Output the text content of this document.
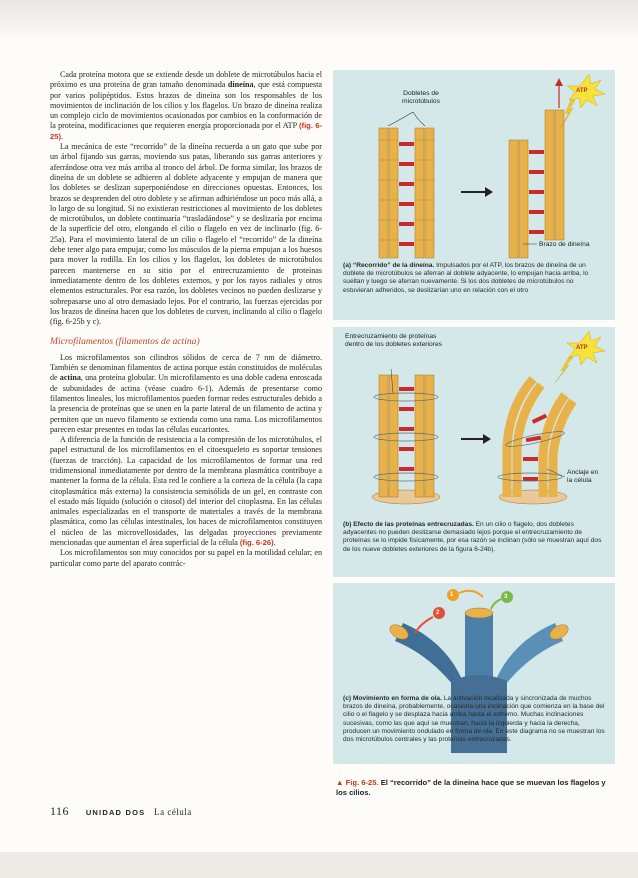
Cada proteína motora que se extiende desde un doblete de microtúbulos hacia el próximo es una proteína de gran tamaño denominada dineína, que está compuesta por varios polipéptidos. Estos brazos de dineína son los responsables de los movimientos de inclinación de los cilios y los flagelos. Un brazo de dineína realiza un complejo ciclo de movimientos ocasionados por cambios en la conformación de la proteína, modificaciones que requieren energía proporcionada por el ATP (fig. 6-25).

La mecánica de este “recorrido” de la dineína recuerda a un gato que sube por un árbol fijando sus garras, moviendo sus patas, liberando sus garras anteriores y aferrándose otra vez más arriba al tronco del árbol. De forma similar, los brazos de dineína de un doblete se adhieren al doblete adyacente y empujan de manera que los dobletes se deslizan superponiéndose en direcciones opuestas. Entonces, los brazos se desprenden del otro doblete y se afirman adhiriéndose un poco más allá, a lo largo de su longitud. Si no existieran restricciones al movimiento de los dobletes de microtúbulos, un doblete continuaría “trasladándose” y se deslizaría por encima de la superficie del otro, elongando el cilio o flagelo en vez de inclinarlo (fig. 6-25a). Para el movimiento lateral de un cilio o flagelo el “recorrido” de la dineína debe tener algo para empujar, como los músculos de la pierna empujan a los huesos para mover la rodilla. En los cilios y los flagelos, los dobletes de microtúbulos parecen mantenerse en su sitio por el entrecruzamiento de proteínas inmediatamente dentro de los dobletes externos, y por los rayos radiales y otros elementos estructurales. Por esa razón, los dobletes vecinos no pueden deslizarse y sobrepasarse uno al otro demasiado lejos. Por el contrario, las fuerzas ejercidas por los brazos de dineína hacen que los dobletes de curven, inclinando al cilio o flagelo (fig. 6-25b y c).

Microfilamentos (filamentos de actina)

Los microfilamentos son cilindros sólidos de cerca de 7 nm de diámetro. También se denominan filamentos de actina porque están constituidos de moléculas de actina, una proteína globular. Un microfilamento es una doble cadena enroscada de subunidades de actina (véase cuadro 6-1). Además de presentarse como filamentos lineales, los microfilamentos pueden formar redes estructurales debido a la presencia de proteínas que se unen en la parte lateral de un filamento de actina y permiten que un nuevo filamento se extienda como una rama. Los microfilamentos parecen estar presentes en todas las células eucariontes.

A diferencia de la función de resistencia a la compresión de los microtúbulos, el papel estructural de los microfilamentos en el citoesqueleto es soportar tensiones (fuerzas de tracción). La capacidad de los microfilamentos de formar una red tridimensional inmediatamente por dentro de la membrana plasmática contribuye a mantener la forma de la célula. Esta red le confiere a la corteza de la célula (la capa citoplasmática más externa) la consistencia semisólida de un gel, en contraste con el estado más líquido (solución o citosol) del interior del citoplasma. En las células animales especializadas en el transporte de materiales a través de la membrana plasmática, como las células intestinales, los haces de microfilamentos constituyen el núcleo de las microvellosidades, las delgadas proyecciones previamente mencionadas que aumentan el área superficial de la célula (fig. 6-26).

Los microfilamentos son muy conocidos por su papel en la motilidad celular; en particular como parte del aparato contrác-

116 UNIDAD DOS La célula
Dobletes de microtúbulos
ATP
Brazo de dineína
(a) “Recorrido” de la dineína. Impulsados por el ATP, los brazos de dineína de un doblete de microtúbulos se aferran al doblete adyacente, lo empujan hacia arriba, lo sueltan y luego se aferran nuevamente. Si los dos dobletes de microtúbulos no estuvieran adheridos, se deslizarían uno en relación con el otro
Entrecruzamiento de proteínas dentro de los dobletes exteriores	ATP
Anclaje en la célula
(b) Efecto de las proteínas entrecruzadas. En un cilio o flagelo, dos dobletes adyacentes no pueden deslizarse demasiado lejos porque el entrecruzamiento de proteínas se lo impide físicamente, por esa razón se inclinan (sólo se muestran aquí dos de los nueve dobletes exteriores de la figura 6-24b).
1
2
3
(c) Movimiento en forma de ola. La activación localizada y sincronizada de muchos brazos de dineína, probablemente, ocasiona una inclinación que comienza en la base del cilio o el flagelo y se desplaza hacia arriba hasta el extremo. Muchas inclinaciones sucesivas, como las que aquí se muestran, hacia la izquierda y hacia la derecha, producen un movimiento ondulado en forma de ola. En este diagrama no se muestran los dos microtúbulos centrales y las proteínas entrecruzadas.
▲ Fig. 6-25. El “recorrido” de la dineína hace que se muevan los flagelos y los cilios.
